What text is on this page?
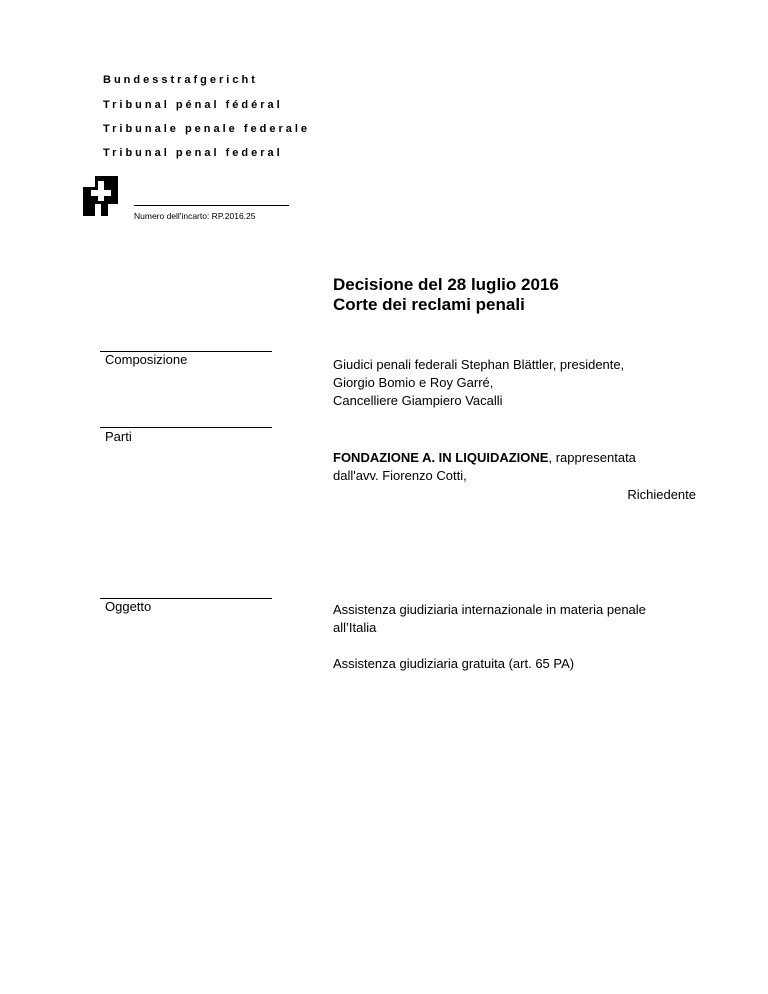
Bundesstrafgericht
Tribunal pénal fédéral
Tribunale penale federale
Tribunal penal federal
Numero dell'incarto: RP.2016.25
Decisione del 28 luglio 2016
Corte dei reclami penali
Composizione	Giudici penali federali Stephan Blättler, presidente,
Giorgio Bomio e Roy Garré,
Cancelliere Giampiero Vacalli
Parti
FONDAZIONE A. IN LIQUIDAZIONE, rappresentata
dall'avv. Fiorenzo Cotti,
Richiedente
Oggetto	Assistenza giudiziaria internazionale in materia penale
all’Italia
Assistenza giudiziaria gratuita (art. 65 PA)
